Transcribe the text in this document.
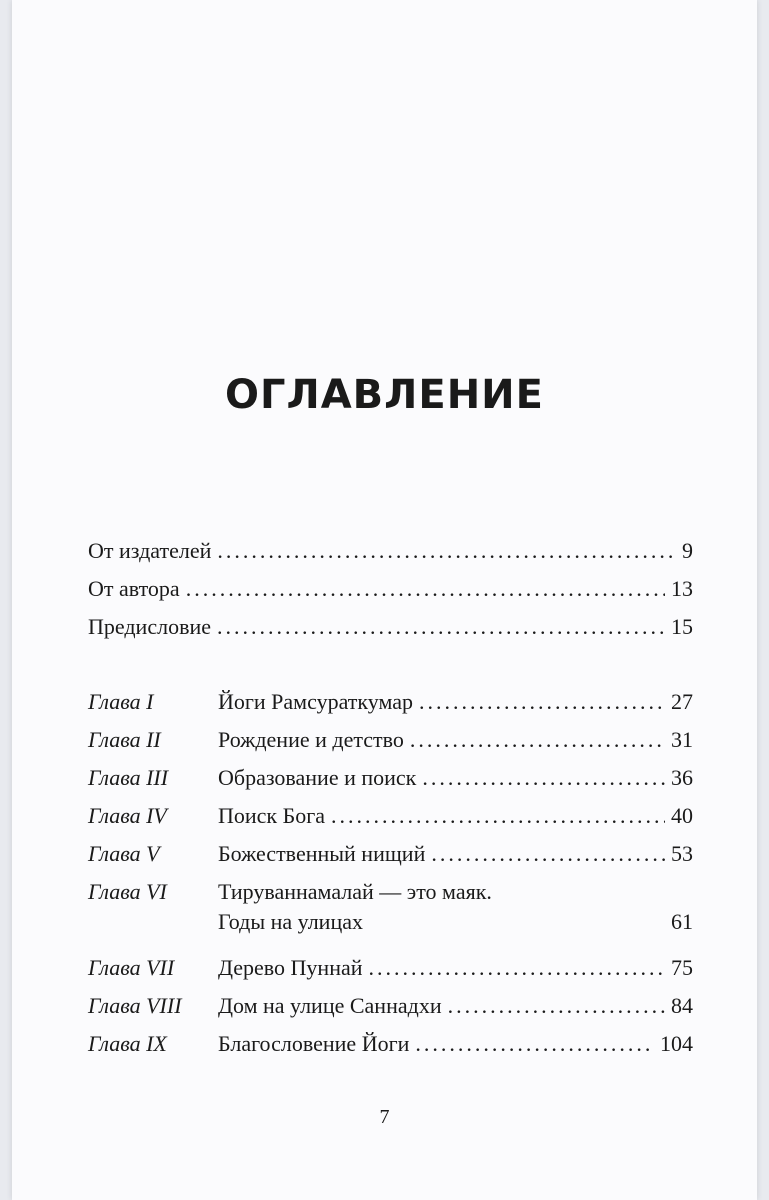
ОГЛАВЛЕНИЕ
От издателей .....	9
От автора .....	13
Предисловие .....	15
Глава I	Йоги Рамсураткумар .....	27
Глава II	Рождение и детство .....	31
Глава III	Образование и поиск .....	36
Глава IV	Поиск Бога .....	40
Глава V	Божественный нищий .....	53
Глава VI	Тируваннамалай — это маяк.
Годы на улицах	61
Глава VII	Дерево Пуннай .....	75
Глава VIII	Дом на улице Саннадхи .....	84
Глава IX	Благословение Йоги .....	104
7
